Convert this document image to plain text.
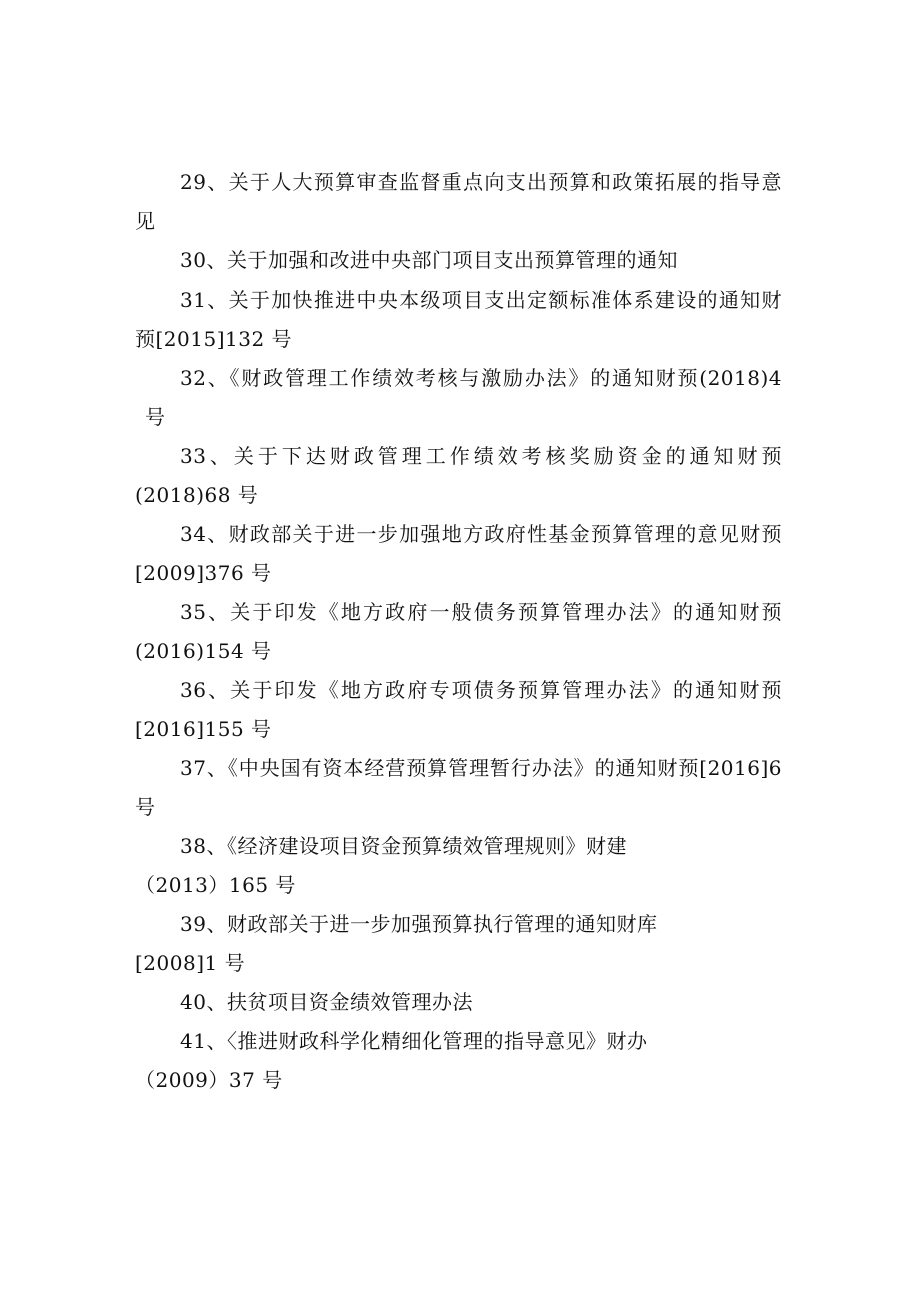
29、关于人大预算审查监督重点向支出预算和政策拓展的指导意
见
30、关于加强和改进中央部门项目支出预算管理的通知
31、关于加快推进中央本级项目支出定额标准体系建设的通知财
预[2015]132 号
32、《财政管理工作绩效考核与激励办法》的通知财预(2018)4
号
33、关于下达财政管理工作绩效考核奖励资金的通知财预
(2018)68 号
34、财政部关于进一步加强地方政府性基金预算管理的意见财预
[2009]376 号
35、关于印发《地方政府一般债务预算管理办法》的通知财预
(2016)154 号
36、关于印发《地方政府专项债务预算管理办法》的通知财预
[2016]155 号
37、《中央国有资本经营预算管理暂行办法》的通知财预[2016]6
号
38、《经济建设项目资金预算绩效管理规则》财建
（2013）165 号
39、财政部关于进一步加强预算执行管理的通知财库
[2008]1 号
40、扶贫项目资金绩效管理办法
41、〈推进财政科学化精细化管理的指导意见》财办
（2009）37 号
